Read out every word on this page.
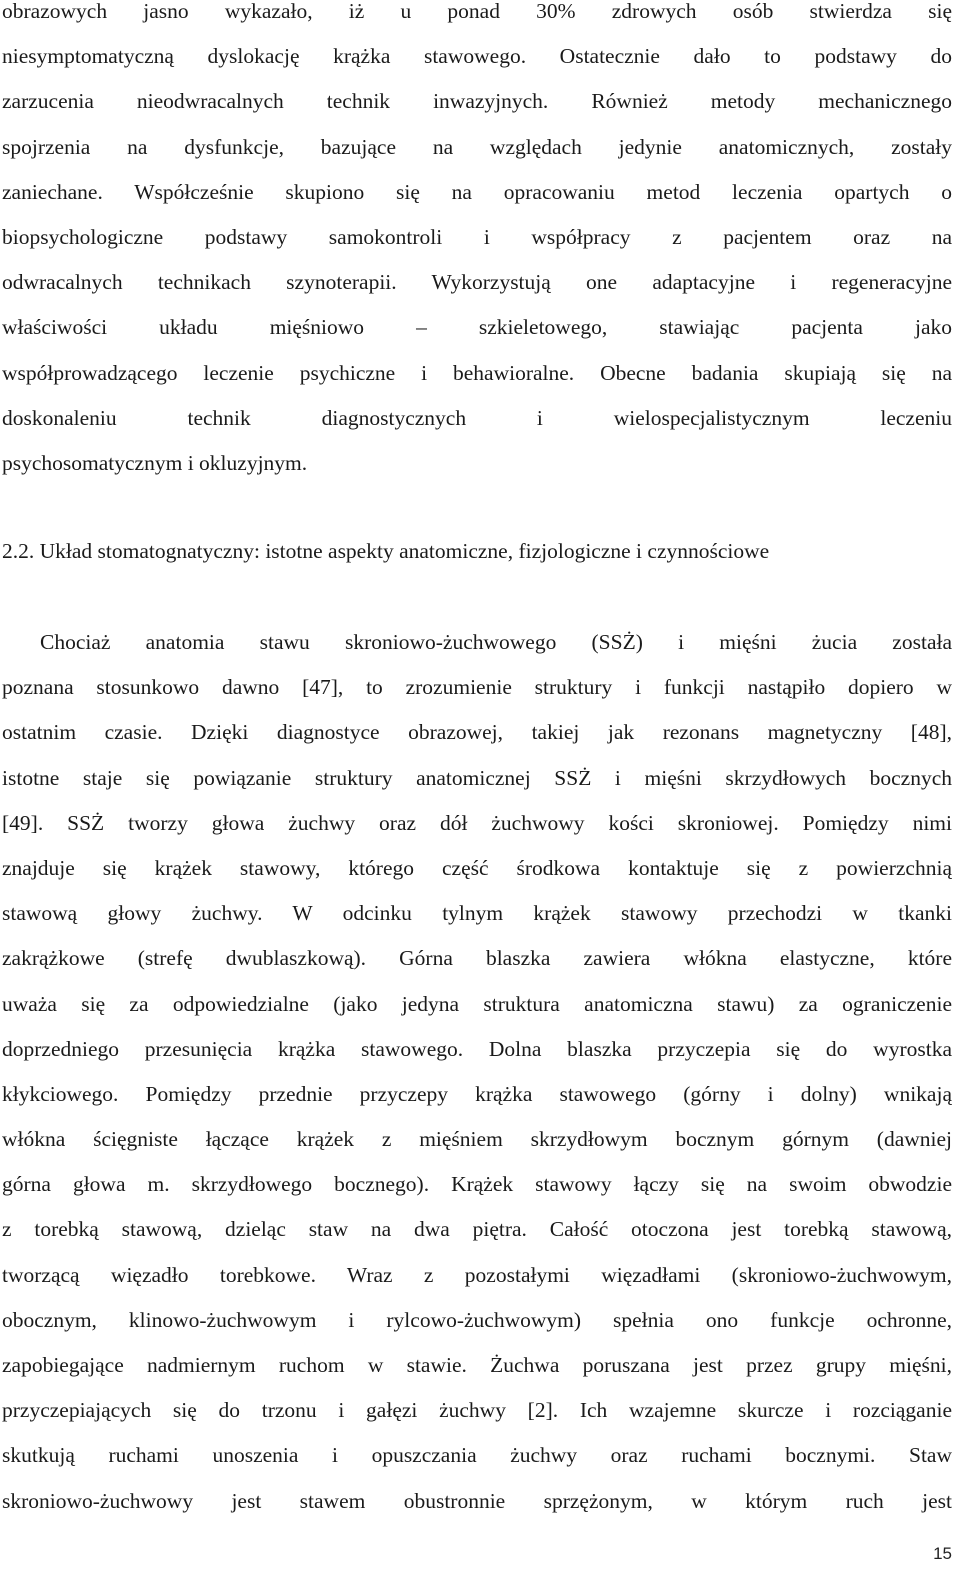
obrazowych jasno wykazało, iż u ponad 30% zdrowych osób stwierdza się
niesymptomatyczną dyslokację krążka stawowego. Ostatecznie dało to podstawy do
zarzucenia nieodwracalnych technik inwazyjnych. Również metody mechanicznego
spojrzenia na dysfunkcje, bazujące na względach jedynie anatomicznych, zostały
zaniechane. Współcześnie skupiono się na opracowaniu metod leczenia opartych o
biopsychologiczne podstawy samokontroli i współpracy z pacjentem oraz na
odwracalnych technikach szynoterapii. Wykorzystują one adaptacyjne i regeneracyjne
właściwości układu mięśniowo – szkieletowego, stawiając pacjenta jako
współprowadzącego leczenie psychiczne i behawioralne. Obecne badania skupiają się na
doskonaleniu technik diagnostycznych i wielospecjalistycznym leczeniu
psychosomatycznym i okluzyjnym.
2.2. Układ stomatognatyczny: istotne aspekty anatomiczne, fizjologiczne i czynnościowe
Chociaż anatomia stawu skroniowo-żuchwowego (SSŻ) i mięśni żucia została
poznana stosunkowo dawno [47], to zrozumienie struktury i funkcji nastąpiło dopiero w
ostatnim czasie. Dzięki diagnostyce obrazowej, takiej jak rezonans magnetyczny [48],
istotne staje się powiązanie struktury anatomicznej SSŻ i mięśni skrzydłowych bocznych
[49]. SSŻ tworzy głowa żuchwy oraz dół żuchwowy kości skroniowej. Pomiędzy nimi
znajduje się krążek stawowy, którego część środkowa kontaktuje się z powierzchnią
stawową głowy żuchwy. W odcinku tylnym krążek stawowy przechodzi w tkanki
zakrążkowe (strefę dwublaszkową). Górna blaszka zawiera włókna elastyczne, które
uważa się za odpowiedzialne (jako jedyna struktura anatomiczna stawu) za ograniczenie
doprzedniego przesunięcia krążka stawowego. Dolna blaszka przyczepia się do wyrostka
kłykciowego. Pomiędzy przednie przyczepy krążka stawowego (górny i dolny) wnikają
włókna ścięgniste łączące krążek z mięśniem skrzydłowym bocznym górnym (dawniej
górna głowa m. skrzydłowego bocznego). Krążek stawowy łączy się na swoim obwodzie
z torebką stawową, dzieląc staw na dwa piętra. Całość otoczona jest torebką stawową,
tworzącą więzadło torebkowe. Wraz z pozostałymi więzadłami (skroniowo-żuchwowym,
obocznym, klinowo-żuchwowym i rylcowo-żuchwowym) spełnia ono funkcje ochronne,
zapobiegające nadmiernym ruchom w stawie. Żuchwa poruszana jest przez grupy mięśni,
przyczepiających się do trzonu i gałęzi żuchwy [2]. Ich wzajemne skurcze i rozciąganie
skutkują ruchami unoszenia i opuszczania żuchwy oraz ruchami bocznymi. Staw
skroniowo-żuchwowy jest stawem obustronnie sprzężonym, w którym ruch jest
15
